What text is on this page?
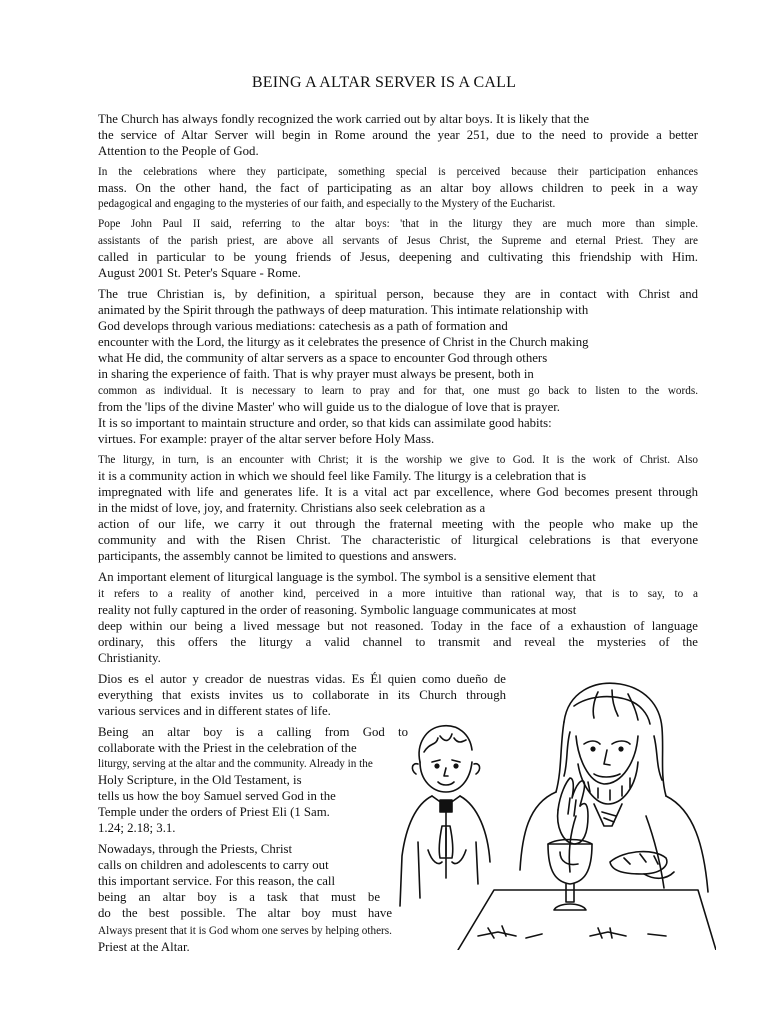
BEING A ALTAR SERVER IS A CALL
The Church has always fondly recognized the work carried out by altar boys. It is likely that the
the service of Altar Server will begin in Rome around the year 251, due to the need to provide a better
Attention to the People of God.
In the celebrations where they participate, something special is perceived because their participation enhances
mass. On the other hand, the fact of participating as an altar boy allows children to peek in a way
pedagogical and engaging to the mysteries of our faith, and especially to the Mystery of the Eucharist.
Pope John Paul II said, referring to the altar boys: 'that in the liturgy they are much more than simple.
assistants of the parish priest, are above all servants of Jesus Christ, the Supreme and eternal Priest. They are
called in particular to be young friends of Jesus, deepening and cultivating this friendship with Him.
August 2001 St. Peter's Square - Rome.
The true Christian is, by definition, a spiritual person, because they are in contact with Christ and
animated by the Spirit through the pathways of deep maturation. This intimate relationship with
God develops through various mediations: catechesis as a path of formation and
encounter with the Lord, the liturgy as it celebrates the presence of Christ in the Church making
what He did, the community of altar servers as a space to encounter God through others
in sharing the experience of faith. That is why prayer must always be present, both in
common as individual. It is necessary to learn to pray and for that, one must go back to listen to the words.
from the 'lips of the divine Master' who will guide us to the dialogue of love that is prayer.
It is so important to maintain structure and order, so that kids can assimilate good habits:
virtues. For example: prayer of the altar server before Holy Mass.
The liturgy, in turn, is an encounter with Christ; it is the worship we give to God. It is the work of Christ. Also
it is a community action in which we should feel like Family. The liturgy is a celebration that is
impregnated with life and generates life. It is a vital act par excellence, where God becomes present through
in the midst of love, joy, and fraternity. Christians also seek celebration as a
action of our life, we carry it out through the fraternal meeting with the people who make up the
community and with the Risen Christ. The characteristic of liturgical celebrations is that everyone
participants, the assembly cannot be limited to questions and answers.
An important element of liturgical language is the symbol. The symbol is a sensitive element that
it refers to a reality of another kind, perceived in a more intuitive than rational way, that is to say, to a
reality not fully captured in the order of reasoning. Symbolic language communicates at most
deep within our being a lived message but not reasoned. Today in the face of a exhaustion of language
ordinary, this offers the liturgy a valid channel to transmit and reveal the mysteries of the
Christianity.
Dios es el autor y creador de nuestras vidas. Es Él quien como dueño de
everything that exists invites us to collaborate in its Church through
various services and in different states of life.
Being an altar boy is a calling from God to
collaborate with the Priest in the celebration of the
liturgy, serving at the altar and the community. Already in the
Holy Scripture, in the Old Testament, is
tells us how the boy Samuel served God in the
Temple under the orders of Priest Eli (1 Sam.
1.24; 2.18; 3.1.
Nowadays, through the Priests, Christ
calls on children and adolescents to carry out
this important service. For this reason, the call
being an altar boy is a task that must be
do the best possible. The altar boy must have
Always present that it is God whom one serves by helping others.
Priest at the Altar.
